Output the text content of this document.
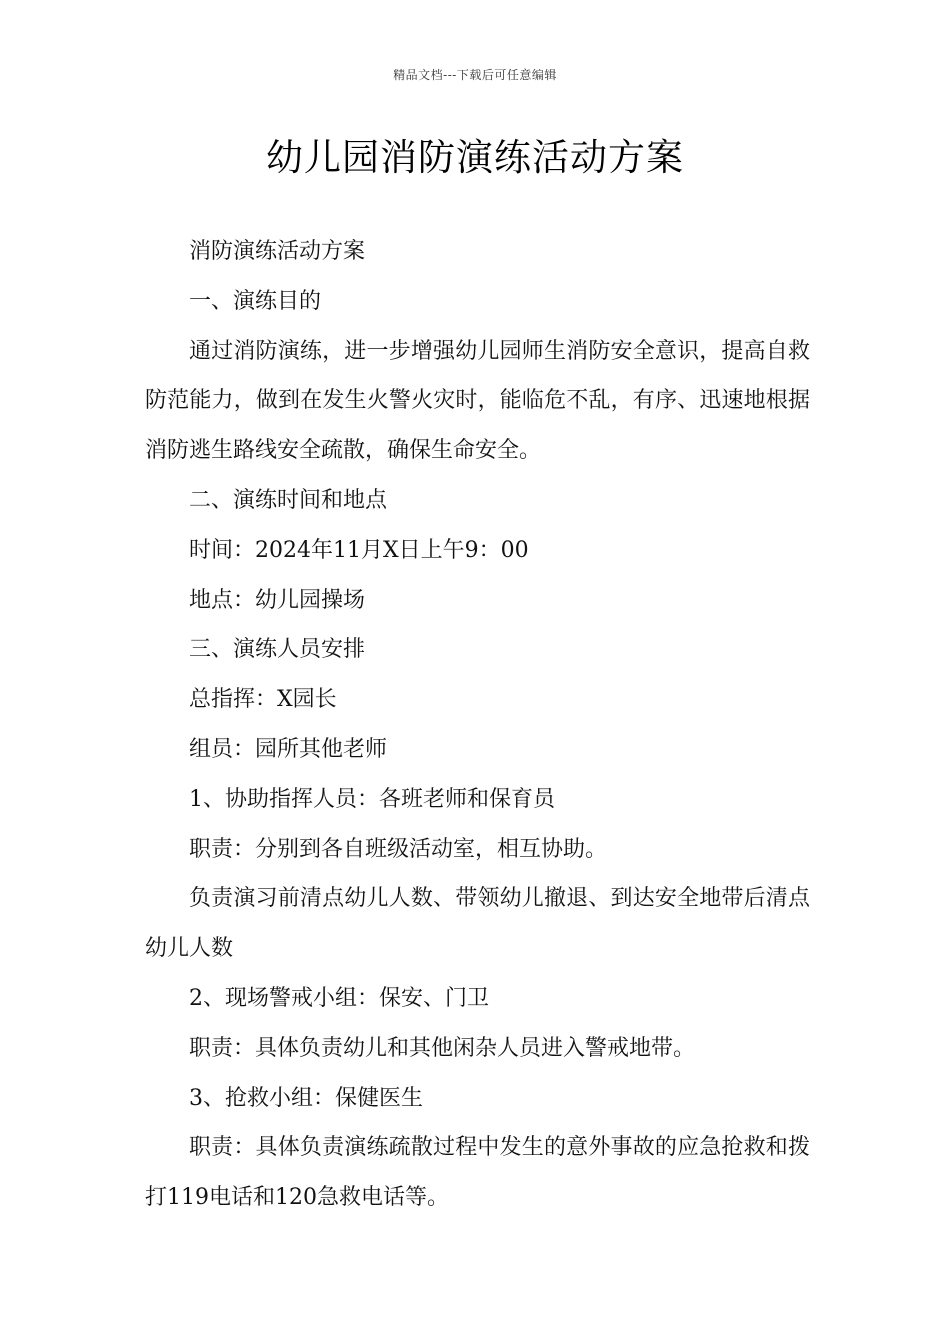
精品文档---下载后可任意编辑
幼儿园消防演练活动方案

消防演练活动方案

一、演练目的

通过消防演练，进一步增强幼儿园师生消防安全意识，提高自救防范能力，做到在发生火警火灾时，能临危不乱，有序、迅速地根据消防逃生路线安全疏散，确保生命安全。

二、演练时间和地点

时间：2024年11月X日上午9：00

地点：幼儿园操场

三、演练人员安排

总指挥：X园长

组员：园所其他老师

1、协助指挥人员：各班老师和保育员

职责：分别到各自班级活动室，相互协助。

负责演习前清点幼儿人数、带领幼儿撤退、到达安全地带后清点幼儿人数

2、现场警戒小组：保安、门卫

职责：具体负责幼儿和其他闲杂人员进入警戒地带。

3、抢救小组：保健医生

职责：具体负责演练疏散过程中发生的意外事故的应急抢救和拨打119电话和120急救电话等。
